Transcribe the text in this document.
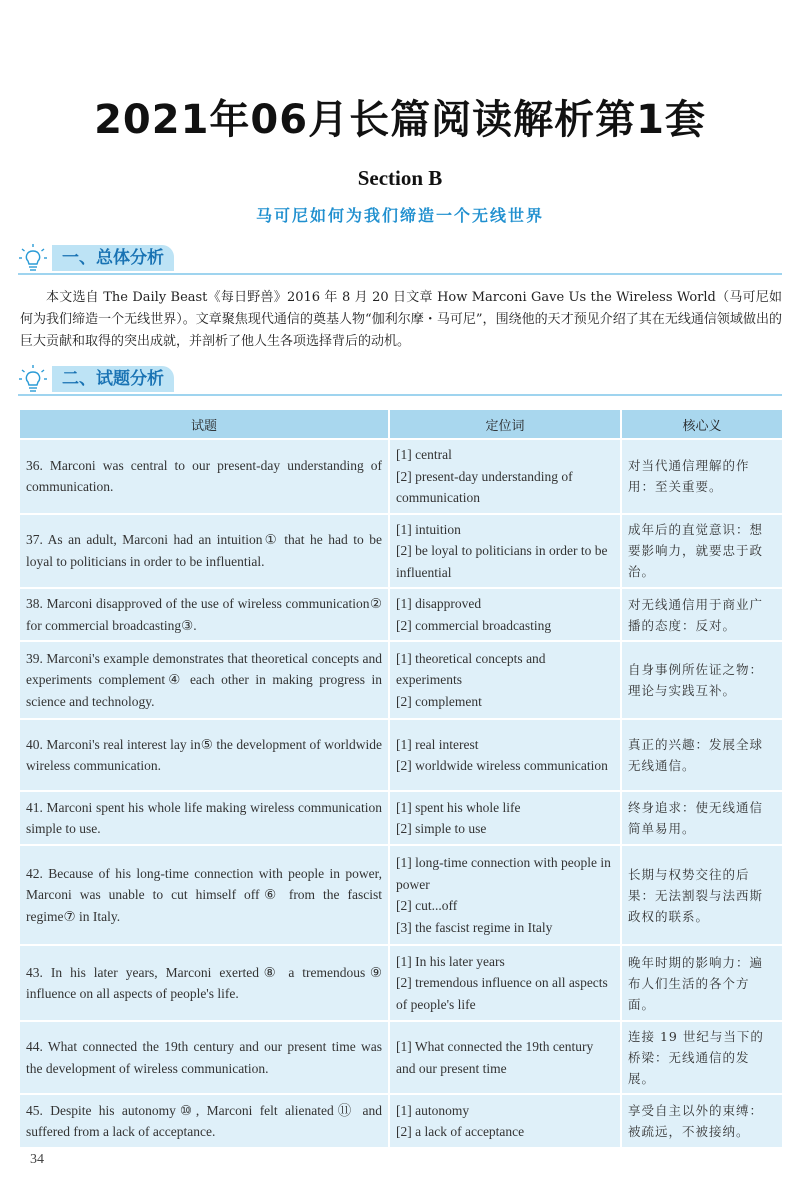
2021年06月长篇阅读解析第1套
Section B
马可尼如何为我们缔造一个无线世界
一、总体分析
本文选自 The Daily Beast《每日野兽》2016 年 8 月 20 日文章 How Marconi Gave Us the Wireless World（马可尼如何为我们缔造一个无线世界）。文章聚焦现代通信的奠基人物“伽利尔摩・马可尼”，围绕他的天才预见介绍了其在无线通信领域做出的巨大贡献和取得的突出成就，并剖析了他人生各项选择背后的动机。
二、试题分析
试题	定位词	核心义
36. Marconi was central to our present-day understanding of communication.	[1] central
[2] present-day understanding of communication	对当代通信理解的作用：至关重要。
37. As an adult, Marconi had an intuition① that he had to be loyal to politicians in order to be influential.	[1] intuition
[2] be loyal to politicians in order to be influential	成年后的直觉意识：想要影响力，就要忠于政治。
38. Marconi disapproved of the use of wireless communication② for commercial broadcasting③.	[1] disapproved
[2] commercial broadcasting	对无线通信用于商业广播的态度：反对。
39. Marconi's example demonstrates that theoretical concepts and experiments complement④ each other in making progress in science and technology.	[1] theoretical concepts and experiments
[2] complement	自身事例所佐证之物：理论与实践互补。
40. Marconi's real interest lay in⑤ the development of worldwide wireless communication.	[1] real interest
[2] worldwide wireless communication	真正的兴趣：发展全球无线通信。
41. Marconi spent his whole life making wireless communication simple to use.	[1] spent his whole life
[2] simple to use	终身追求：使无线通信简单易用。
42. Because of his long-time connection with people in power, Marconi was unable to cut himself off⑥ from the fascist regime⑦ in Italy.	[1] long-time connection with people in power
[2] cut...off
[3] the fascist regime in Italy	长期与权势交往的后果：无法割裂与法西斯政权的联系。
43. In his later years, Marconi exerted⑧ a tremendous⑨ influence on all aspects of people's life.	[1] In his later years
[2] tremendous influence on all aspects of people's life	晚年时期的影响力：遍布人们生活的各个方面。
44. What connected the 19th century and our present time was the development of wireless communication.	[1] What connected the 19th century and our present time	连接 19 世纪与当下的桥梁：无线通信的发展。
45. Despite his autonomy⑩, Marconi felt alienated⑪ and suffered from a lack of acceptance.	[1] autonomy
[2] a lack of acceptance	享受自主以外的束缚：被疏远，不被接纳。
34
